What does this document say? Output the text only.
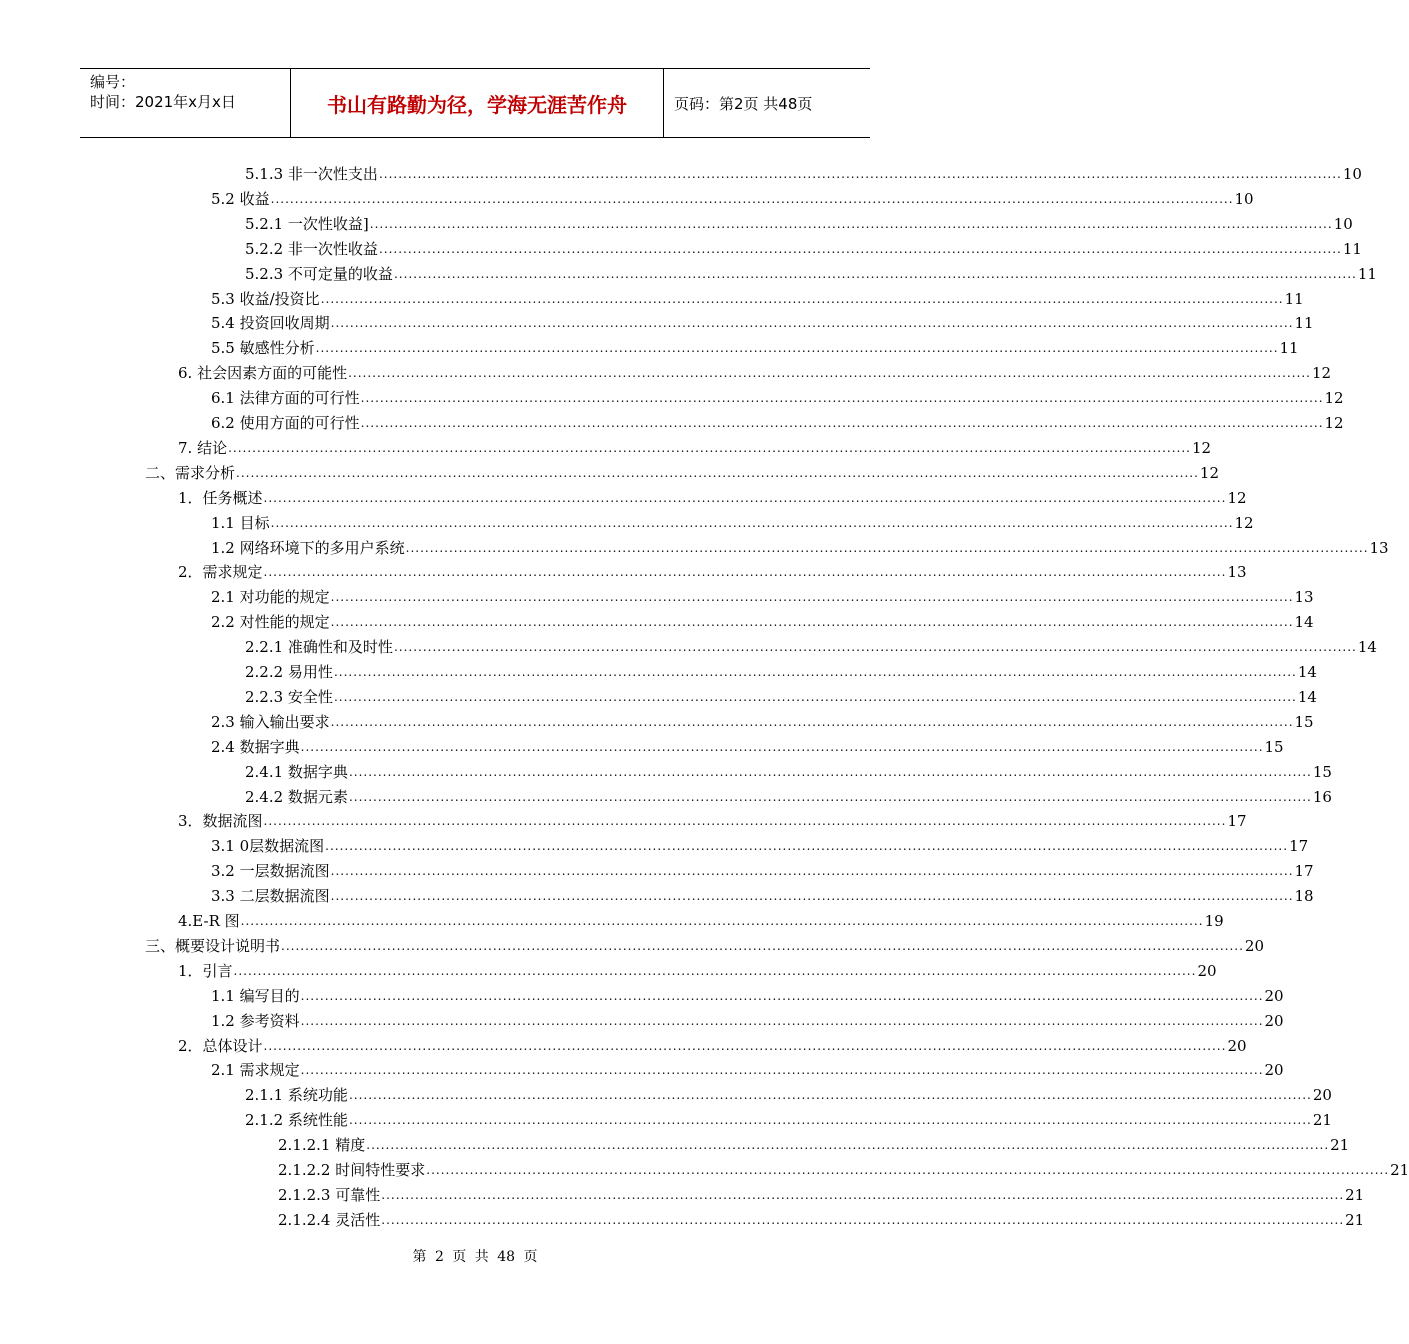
编号：
时间：2021年x月x日	书山有路勤为径，学海无涯苦作舟	页码：第2页 共48页
5.1.3 非一次性支出 ........................................................................................................................................................................................................ 10
5.2 收益 ........................................................................................................................................................................................................ 10
5.2.1 一次性收益] ........................................................................................................................................................................................................ 10
5.2.2 非一次性收益 ........................................................................................................................................................................................................ 11
5.2.3 不可定量的收益 ........................................................................................................................................................................................................ 11
5.3 收益/投资比 ........................................................................................................................................................................................................ 11
5.4 投资回收周期 ........................................................................................................................................................................................................ 11
5.5 敏感性分析 ........................................................................................................................................................................................................ 11
6. 社会因素方面的可能性 ........................................................................................................................................................................................................ 12
6.1 法律方面的可行性 ........................................................................................................................................................................................................ 12
6.2 使用方面的可行性 ........................................................................................................................................................................................................ 12
7. 结论 ........................................................................................................................................................................................................ 12
二、需求分析 ........................................................................................................................................................................................................ 12
1．任务概述 ........................................................................................................................................................................................................ 12
1.1 目标 ........................................................................................................................................................................................................ 12
1.2 网络环境下的多用户系统 ........................................................................................................................................................................................................ 13
2．需求规定 ........................................................................................................................................................................................................ 13
2.1 对功能的规定 ........................................................................................................................................................................................................ 13
2.2 对性能的规定 ........................................................................................................................................................................................................ 14
2.2.1 准确性和及时性 ........................................................................................................................................................................................................ 14
2.2.2 易用性 ........................................................................................................................................................................................................ 14
2.2.3 安全性 ........................................................................................................................................................................................................ 14
2.3 输入输出要求 ........................................................................................................................................................................................................ 15
2.4 数据字典 ........................................................................................................................................................................................................ 15
2.4.1 数据字典 ........................................................................................................................................................................................................ 15
2.4.2 数据元素 ........................................................................................................................................................................................................ 16
3．数据流图 ........................................................................................................................................................................................................ 17
3.1 0层数据流图 ........................................................................................................................................................................................................ 17
3.2 一层数据流图 ........................................................................................................................................................................................................ 17
3.3 二层数据流图 ........................................................................................................................................................................................................ 18
4.E-R 图 ........................................................................................................................................................................................................ 19
三、概要设计说明书 ........................................................................................................................................................................................................ 20
1．引言 ........................................................................................................................................................................................................ 20
1.1 编写目的 ........................................................................................................................................................................................................ 20
1.2 参考资料 ........................................................................................................................................................................................................ 20
2．总体设计 ........................................................................................................................................................................................................ 20
2.1 需求规定 ........................................................................................................................................................................................................ 20
2.1.1 系统功能 ........................................................................................................................................................................................................ 20
2.1.2 系统性能 ........................................................................................................................................................................................................ 21
2.1.2.1 精度 ........................................................................................................................................................................................................ 21
2.1.2.2 时间特性要求 ........................................................................................................................................................................................................ 21
2.1.2.3 可靠性 ........................................................................................................................................................................................................ 21
2.1.2.4 灵活性 ........................................................................................................................................................................................................ 21
第 2 页 共 48 页
